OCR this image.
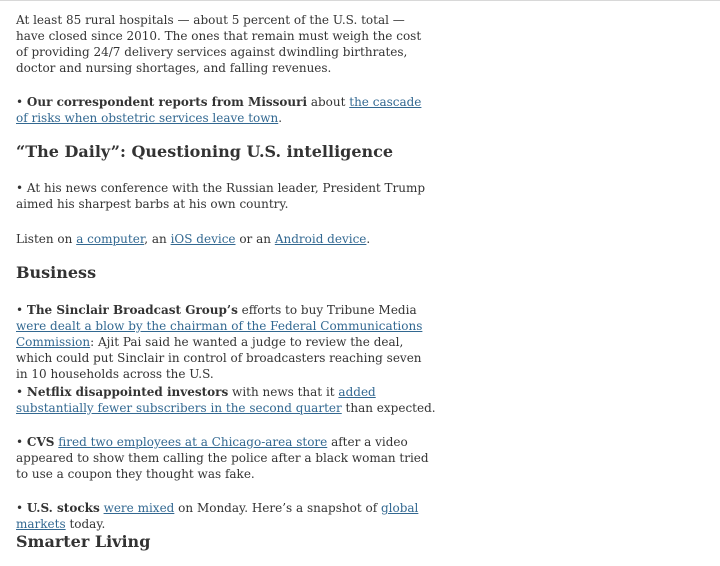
At least 85 rural hospitals — about 5 percent of the U.S. total — have closed since 2010. The ones that remain must weigh the cost of providing 24/7 delivery services against dwindling birthrates, doctor and nursing shortages, and falling revenues.

• Our correspondent reports from Missouri about the cascade of risks when obstetric services leave town.

“The Daily”: Questioning U.S. intelligence

• At his news conference with the Russian leader, President Trump aimed his sharpest barbs at his own country.

Listen on a computer, an iOS device or an Android device.

Business

• The Sinclair Broadcast Group’s efforts to buy Tribune Media were dealt a blow by the chairman of the Federal Communications Commission: Ajit Pai said he wanted a judge to review the deal, which could put Sinclair in control of broadcasters reaching seven in 10 households across the U.S.

• Netflix disappointed investors with news that it added substantially fewer subscribers in the second quarter than expected.

• CVS fired two employees at a Chicago-area store after a video appeared to show them calling the police after a black woman tried to use a coupon they thought was fake.

• U.S. stocks were mixed on Monday. Here’s a snapshot of global markets today.

Smarter Living
